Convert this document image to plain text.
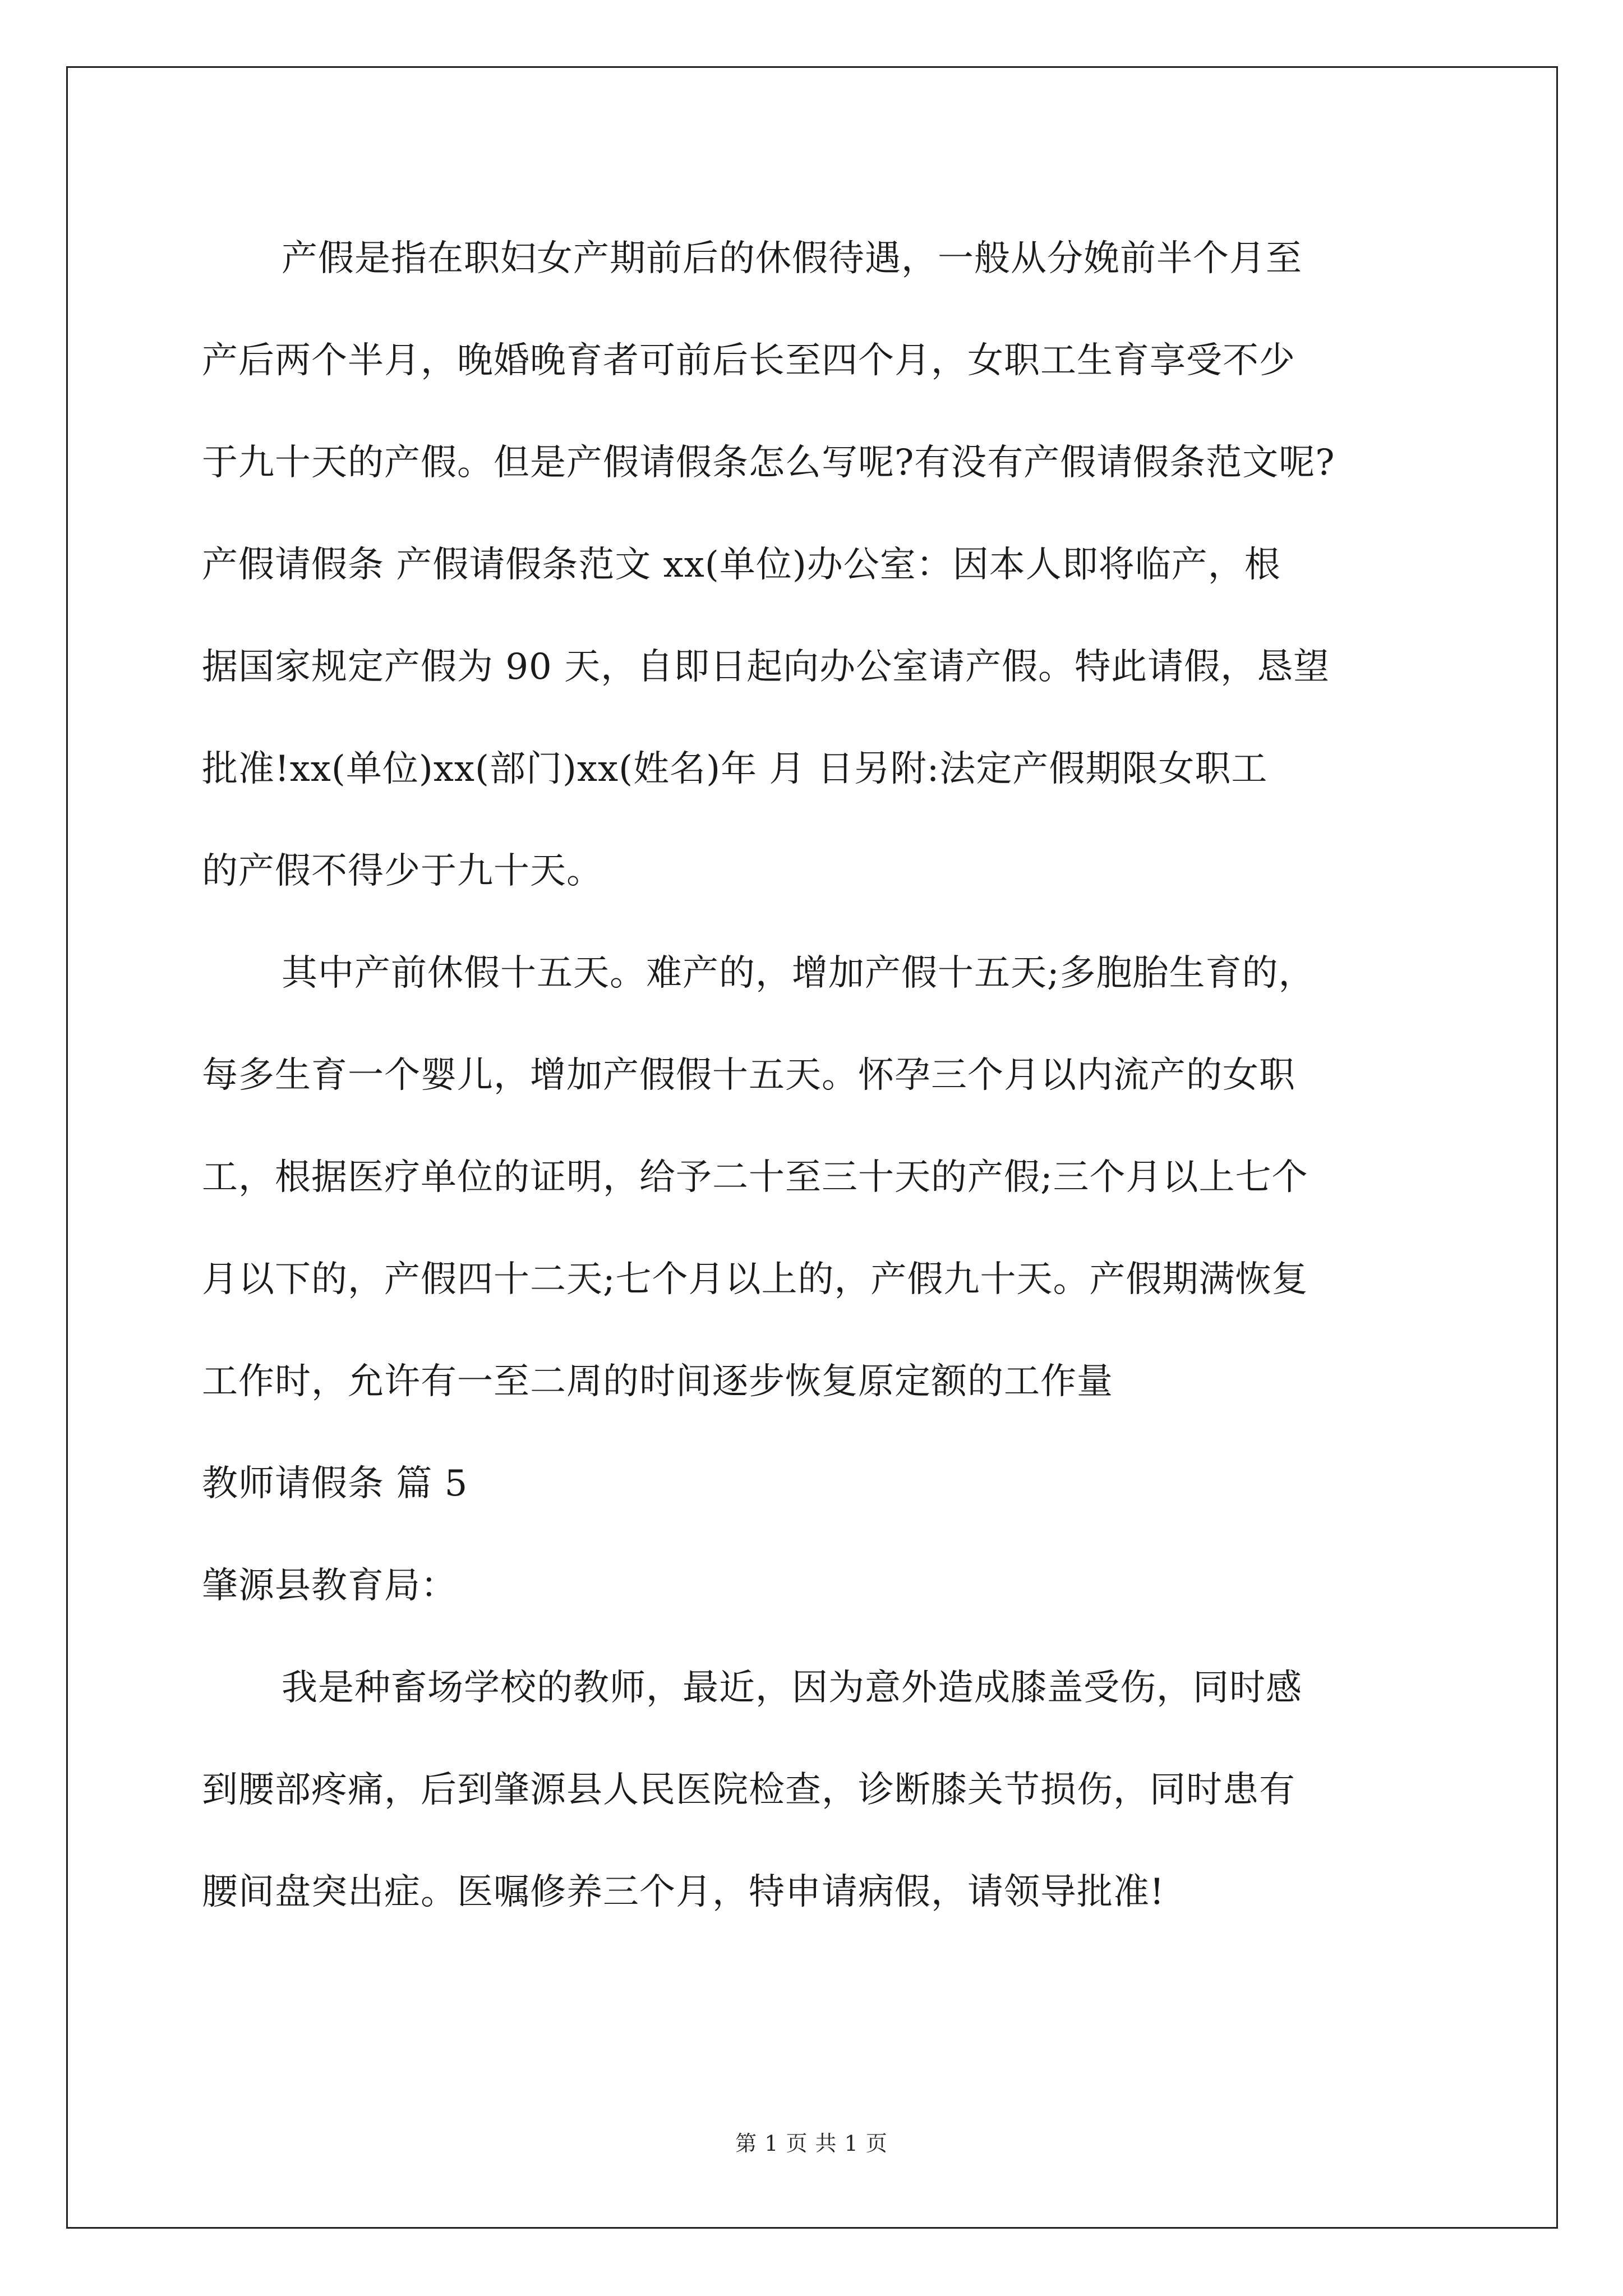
产假是指在职妇女产期前后的休假待遇，一般从分娩前半个月至
产后两个半月，晚婚晚育者可前后长至四个月，女职工生育享受不少
于九十天的产假。但是产假请假条怎么写呢?有没有产假请假条范文呢?
产假请假条 产假请假条范文 xx(单位)办公室：因本人即将临产，根
据国家规定产假为 90 天，自即日起向办公室请产假。特此请假，恳望
批准!xx(单位)xx(部门)xx(姓名)年 月 日另附:法定产假期限女职工
的产假不得少于九十天。
其中产前休假十五天。难产的，增加产假十五天;多胞胎生育的，
每多生育一个婴儿，增加产假假十五天。怀孕三个月以内流产的女职
工，根据医疗单位的证明，给予二十至三十天的产假;三个月以上七个
月以下的，产假四十二天;七个月以上的，产假九十天。产假期满恢复
工作时，允许有一至二周的时间逐步恢复原定额的工作量
教师请假条 篇 5
肇源县教育局：
我是种畜场学校的教师，最近，因为意外造成膝盖受伤，同时感
到腰部疼痛，后到肇源县人民医院检查，诊断膝关节损伤，同时患有
腰间盘突出症。医嘱修养三个月，特申请病假，请领导批准!
第 1 页 共 1 页
